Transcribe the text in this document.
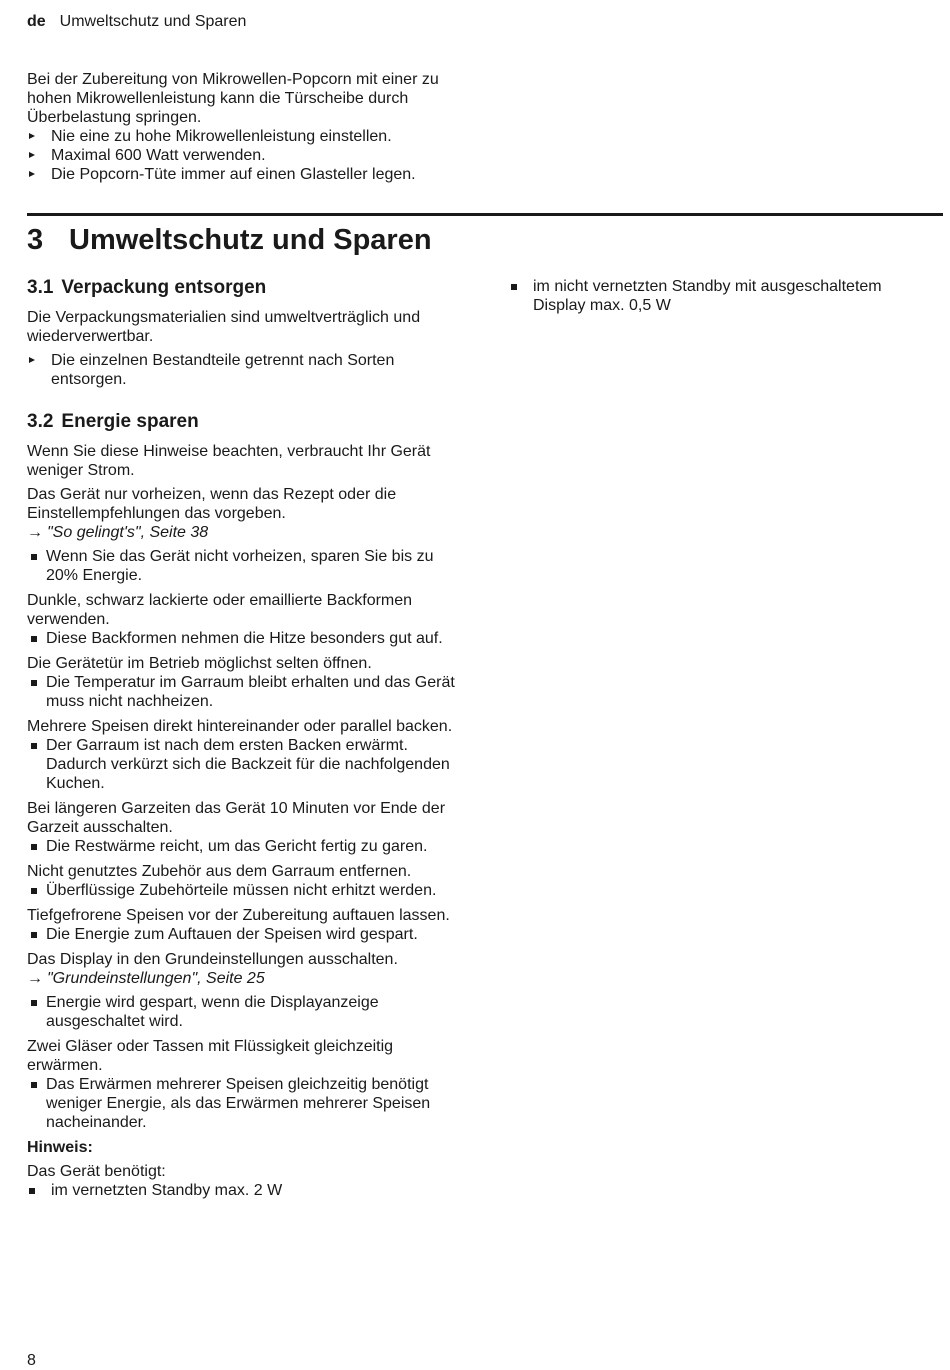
de Umweltschutz und Sparen

Bei der Zubereitung von Mikrowellen-Popcorn mit einer zu hohen Mikrowellenleistung kann die Türscheibe durch Überbelastung springen.

Nie eine zu hohe Mikrowellenleistung einstellen.
Maximal 600 Watt verwenden.
Die Popcorn-Tüte immer auf einen Glasteller legen.
3 Umweltschutz und Sparen
3.1 Verpackung entsorgen

Die Verpackungsmaterialien sind umweltverträglich und wiederverwertbar.

Die einzelnen Bestandteile getrennt nach Sorten entsorgen.
3.2 Energie sparen

Wenn Sie diese Hinweise beachten, verbraucht Ihr Gerät weniger Strom.

Das Gerät nur vorheizen, wenn das Rezept oder die Einstellempfehlungen das vorgeben.

→ "So gelingt's", Seite 38

Wenn Sie das Gerät nicht vorheizen, sparen Sie bis zu 20% Energie.

Dunkle, schwarz lackierte oder emaillierte Backformen verwenden.

Diese Backformen nehmen die Hitze besonders gut auf.

Die Gerätetür im Betrieb möglichst selten öffnen.

Die Temperatur im Garraum bleibt erhalten und das Gerät muss nicht nachheizen.

Mehrere Speisen direkt hintereinander oder parallel backen.

Der Garraum ist nach dem ersten Backen erwärmt. Dadurch verkürzt sich die Backzeit für die nachfolgenden Kuchen.

Bei längeren Garzeiten das Gerät 10 Minuten vor Ende der Garzeit ausschalten.

Die Restwärme reicht, um das Gericht fertig zu garen.

Nicht genutztes Zubehör aus dem Garraum entfernen.

Überflüssige Zubehörteile müssen nicht erhitzt werden.

Tiefgefrorene Speisen vor der Zubereitung auftauen lassen.

Die Energie zum Auftauen der Speisen wird gespart.

Das Display in den Grundeinstellungen ausschalten.

→ "Grundeinstellungen", Seite 25

Energie wird gespart, wenn die Displayanzeige ausgeschaltet wird.

Zwei Gläser oder Tassen mit Flüssigkeit gleichzeitig erwärmen.

Das Erwärmen mehrerer Speisen gleichzeitig benötigt weniger Energie, als das Erwärmen mehrerer Speisen nacheinander.

Hinweis:

Das Gerät benötigt:

im vernetzten Standby max. 2 W
im nicht vernetzten Standby mit ausgeschaltetem Display max. 0,5 W
8
